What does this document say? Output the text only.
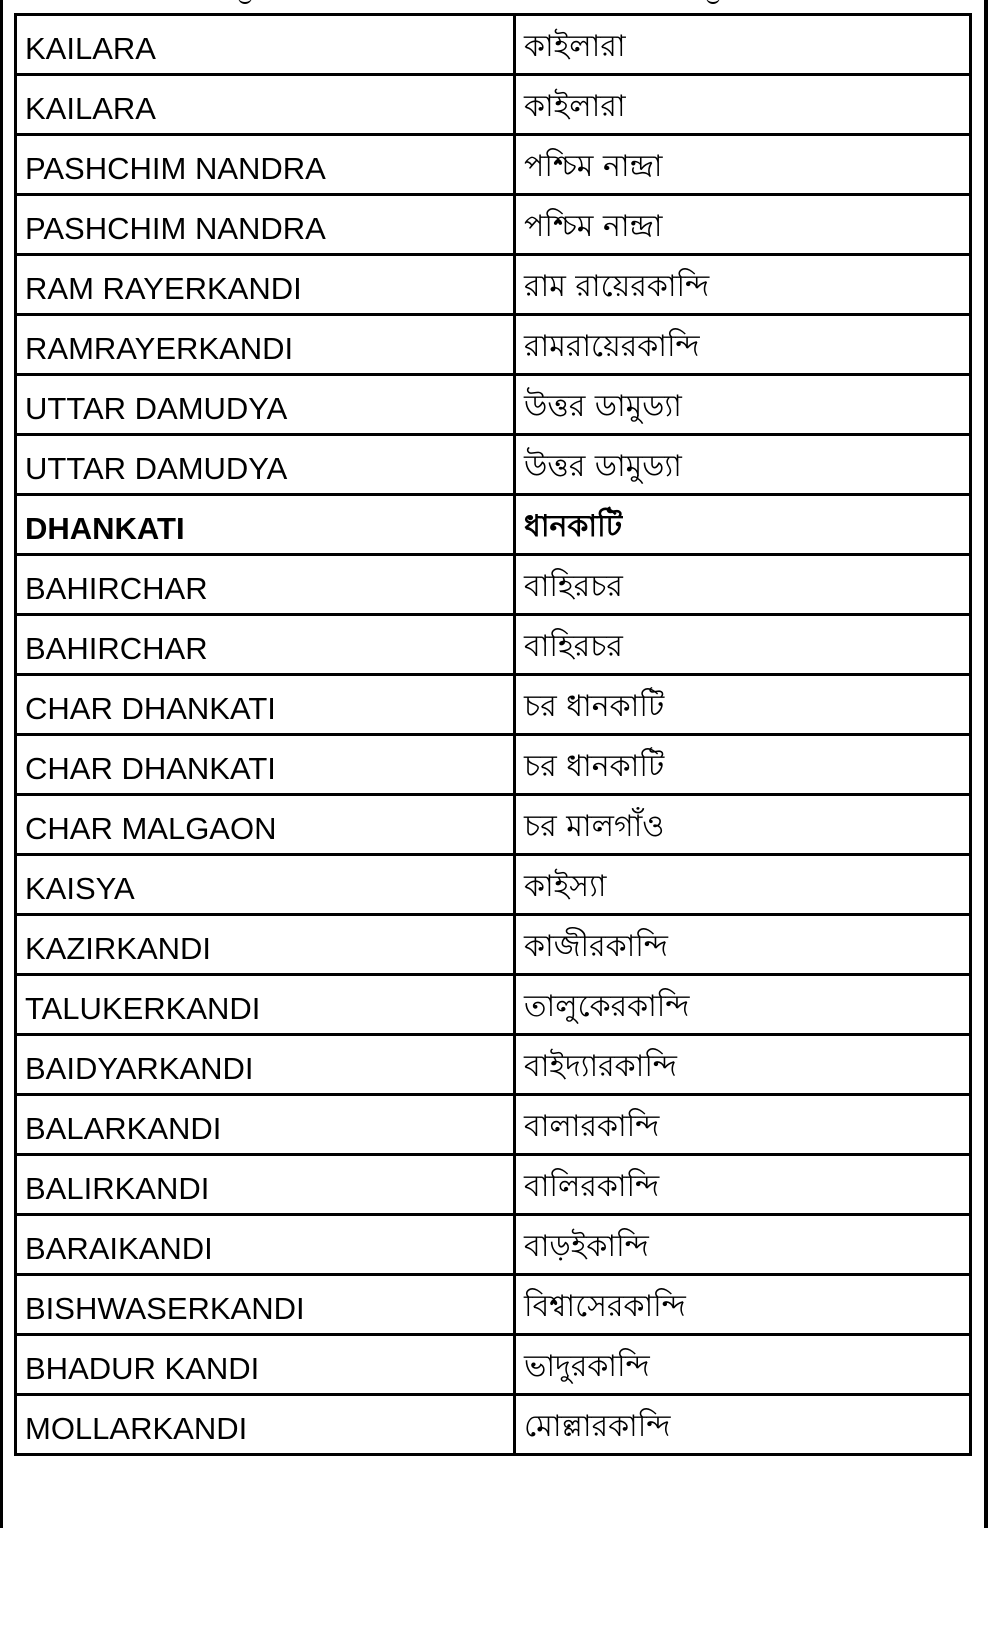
KAILARA	কাইলারা
KAILARA	কাইলারা
PASHCHIM NANDRA	পশ্চিম নান্দ্রা
PASHCHIM NANDRA	পশ্চিম নান্দ্রা
RAM RAYERKANDI	রাম রায়েরকান্দি
RAMRAYERKANDI	রামরায়েরকান্দি
UTTAR DAMUDYA	উত্তর ডামুড্যা
UTTAR DAMUDYA	উত্তর ডামুড্যা
DHANKATI	ধানকাটি
BAHIRCHAR	বাহিরচর
BAHIRCHAR	বাহিরচর
CHAR DHANKATI	চর ধানকাটি
CHAR DHANKATI	চর ধানকাটি
CHAR MALGAON	চর মালগাঁও
KAISYA	কাইস্যা
KAZIRKANDI	কাজীরকান্দি
TALUKERKANDI	তালুকেরকান্দি
BAIDYARKANDI	বাইদ্যারকান্দি
BALARKANDI	বালারকান্দি
BALIRKANDI	বালিরকান্দি
BARAIKANDI	বাড়ইকান্দি
BISHWASERKANDI	বিশ্বাসেরকান্দি
BHADUR KANDI	ভাদুরকান্দি
MOLLARKANDI	মোল্লারকান্দি
